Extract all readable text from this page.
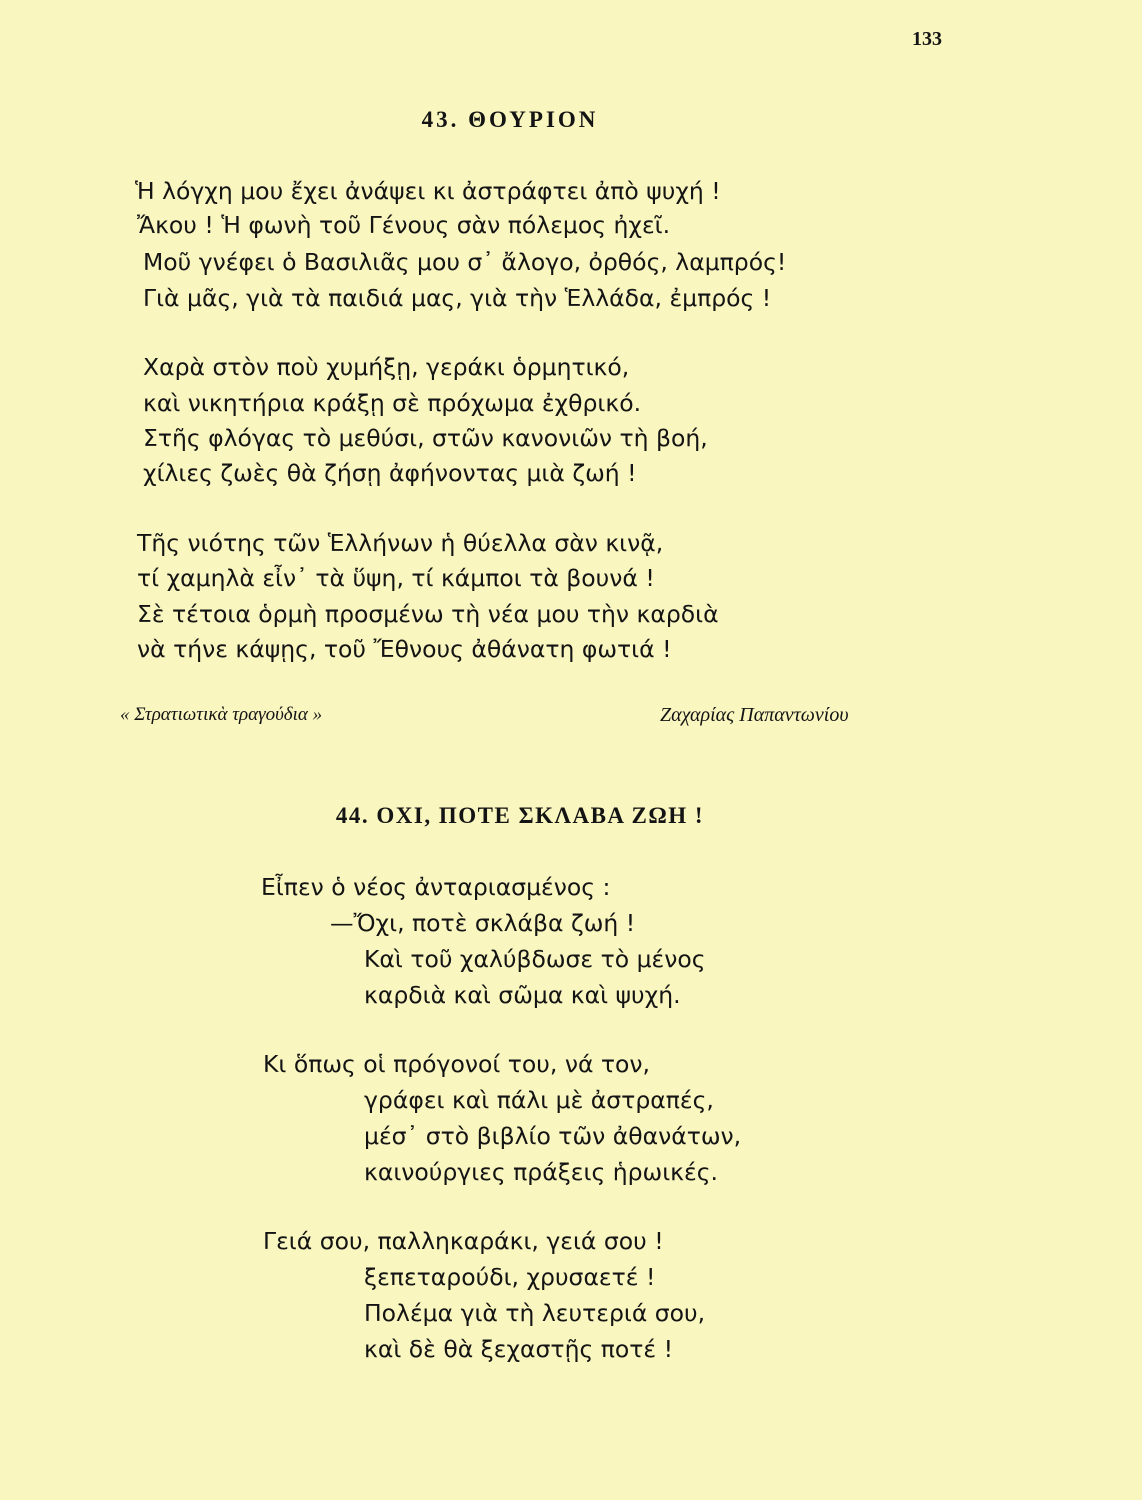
133
43. ΘΟΥΡΙΟΝ
Ἡ λόγχη μου ἔχει ἀνάψει κι ἀστράφτει ἀπὸ ψυχή !
Ἄκου ! Ἡ φωνὴ τοῦ Γένους σὰν πόλεμος ἠχεῖ.
Μοῦ γνέφει ὁ Βασιλιᾶς μου σ᾽ ἄλογο, ὀρθός, λαμπρός!
Γιὰ μᾶς, γιὰ τὰ παιδιά μας, γιὰ τὴν Ἑλλάδα, ἐμπρός !
Χαρὰ στὸν ποὺ χυμήξῃ, γεράκι ὁρμητικό,
καὶ νικητήρια κράξῃ σὲ πρόχωμα ἐχθρικό.
Στῆς φλόγας τὸ μεθύσι, στῶν κανονιῶν τὴ βοή,
χίλιες ζωὲς θὰ ζήσῃ ἀφήνοντας μιὰ ζωή !
Τῆς νιότης τῶν Ἑλλήνων ἡ θύελλα σὰν κινᾷ,
τί χαμηλὰ εἶν᾽ τὰ ὕψη, τί κάμποι τὰ βουνά !
Σὲ τέτοια ὁρμὴ προσμένω τὴ νέα μου τὴν καρδιὰ
νὰ τήνε κάψῃς, τοῦ Ἔθνους ἀθάνατη φωτιά !
« Στρατιωτικὰ τραγούδια »	Ζαχαρίας Παπαντωνίου
44. ΟΧΙ, ΠΟΤΕ ΣΚΛΑΒΑ ΖΩΗ !
Εἶπεν ὁ νέος ἀνταριασμένος :
—Ὄχι, ποτὲ σκλάβα ζωή !
Καὶ τοῦ χαλύβδωσε τὸ μένος
καρδιὰ καὶ σῶμα καὶ ψυχή.
Κι ὅπως οἱ πρόγονοί του, νά τον,
γράφει καὶ πάλι μὲ ἀστραπές,
μέσ᾽ στὸ βιβλίο τῶν ἀθανάτων,
καινούργιες πράξεις ἡρωικές.
Γειά σου, παλληκαράκι, γειά σου !
ξεπεταρούδι, χρυσαετέ !
Πολέμα γιὰ τὴ λευτεριά σου,
καὶ δὲ θὰ ξεχαστῇς ποτέ !
